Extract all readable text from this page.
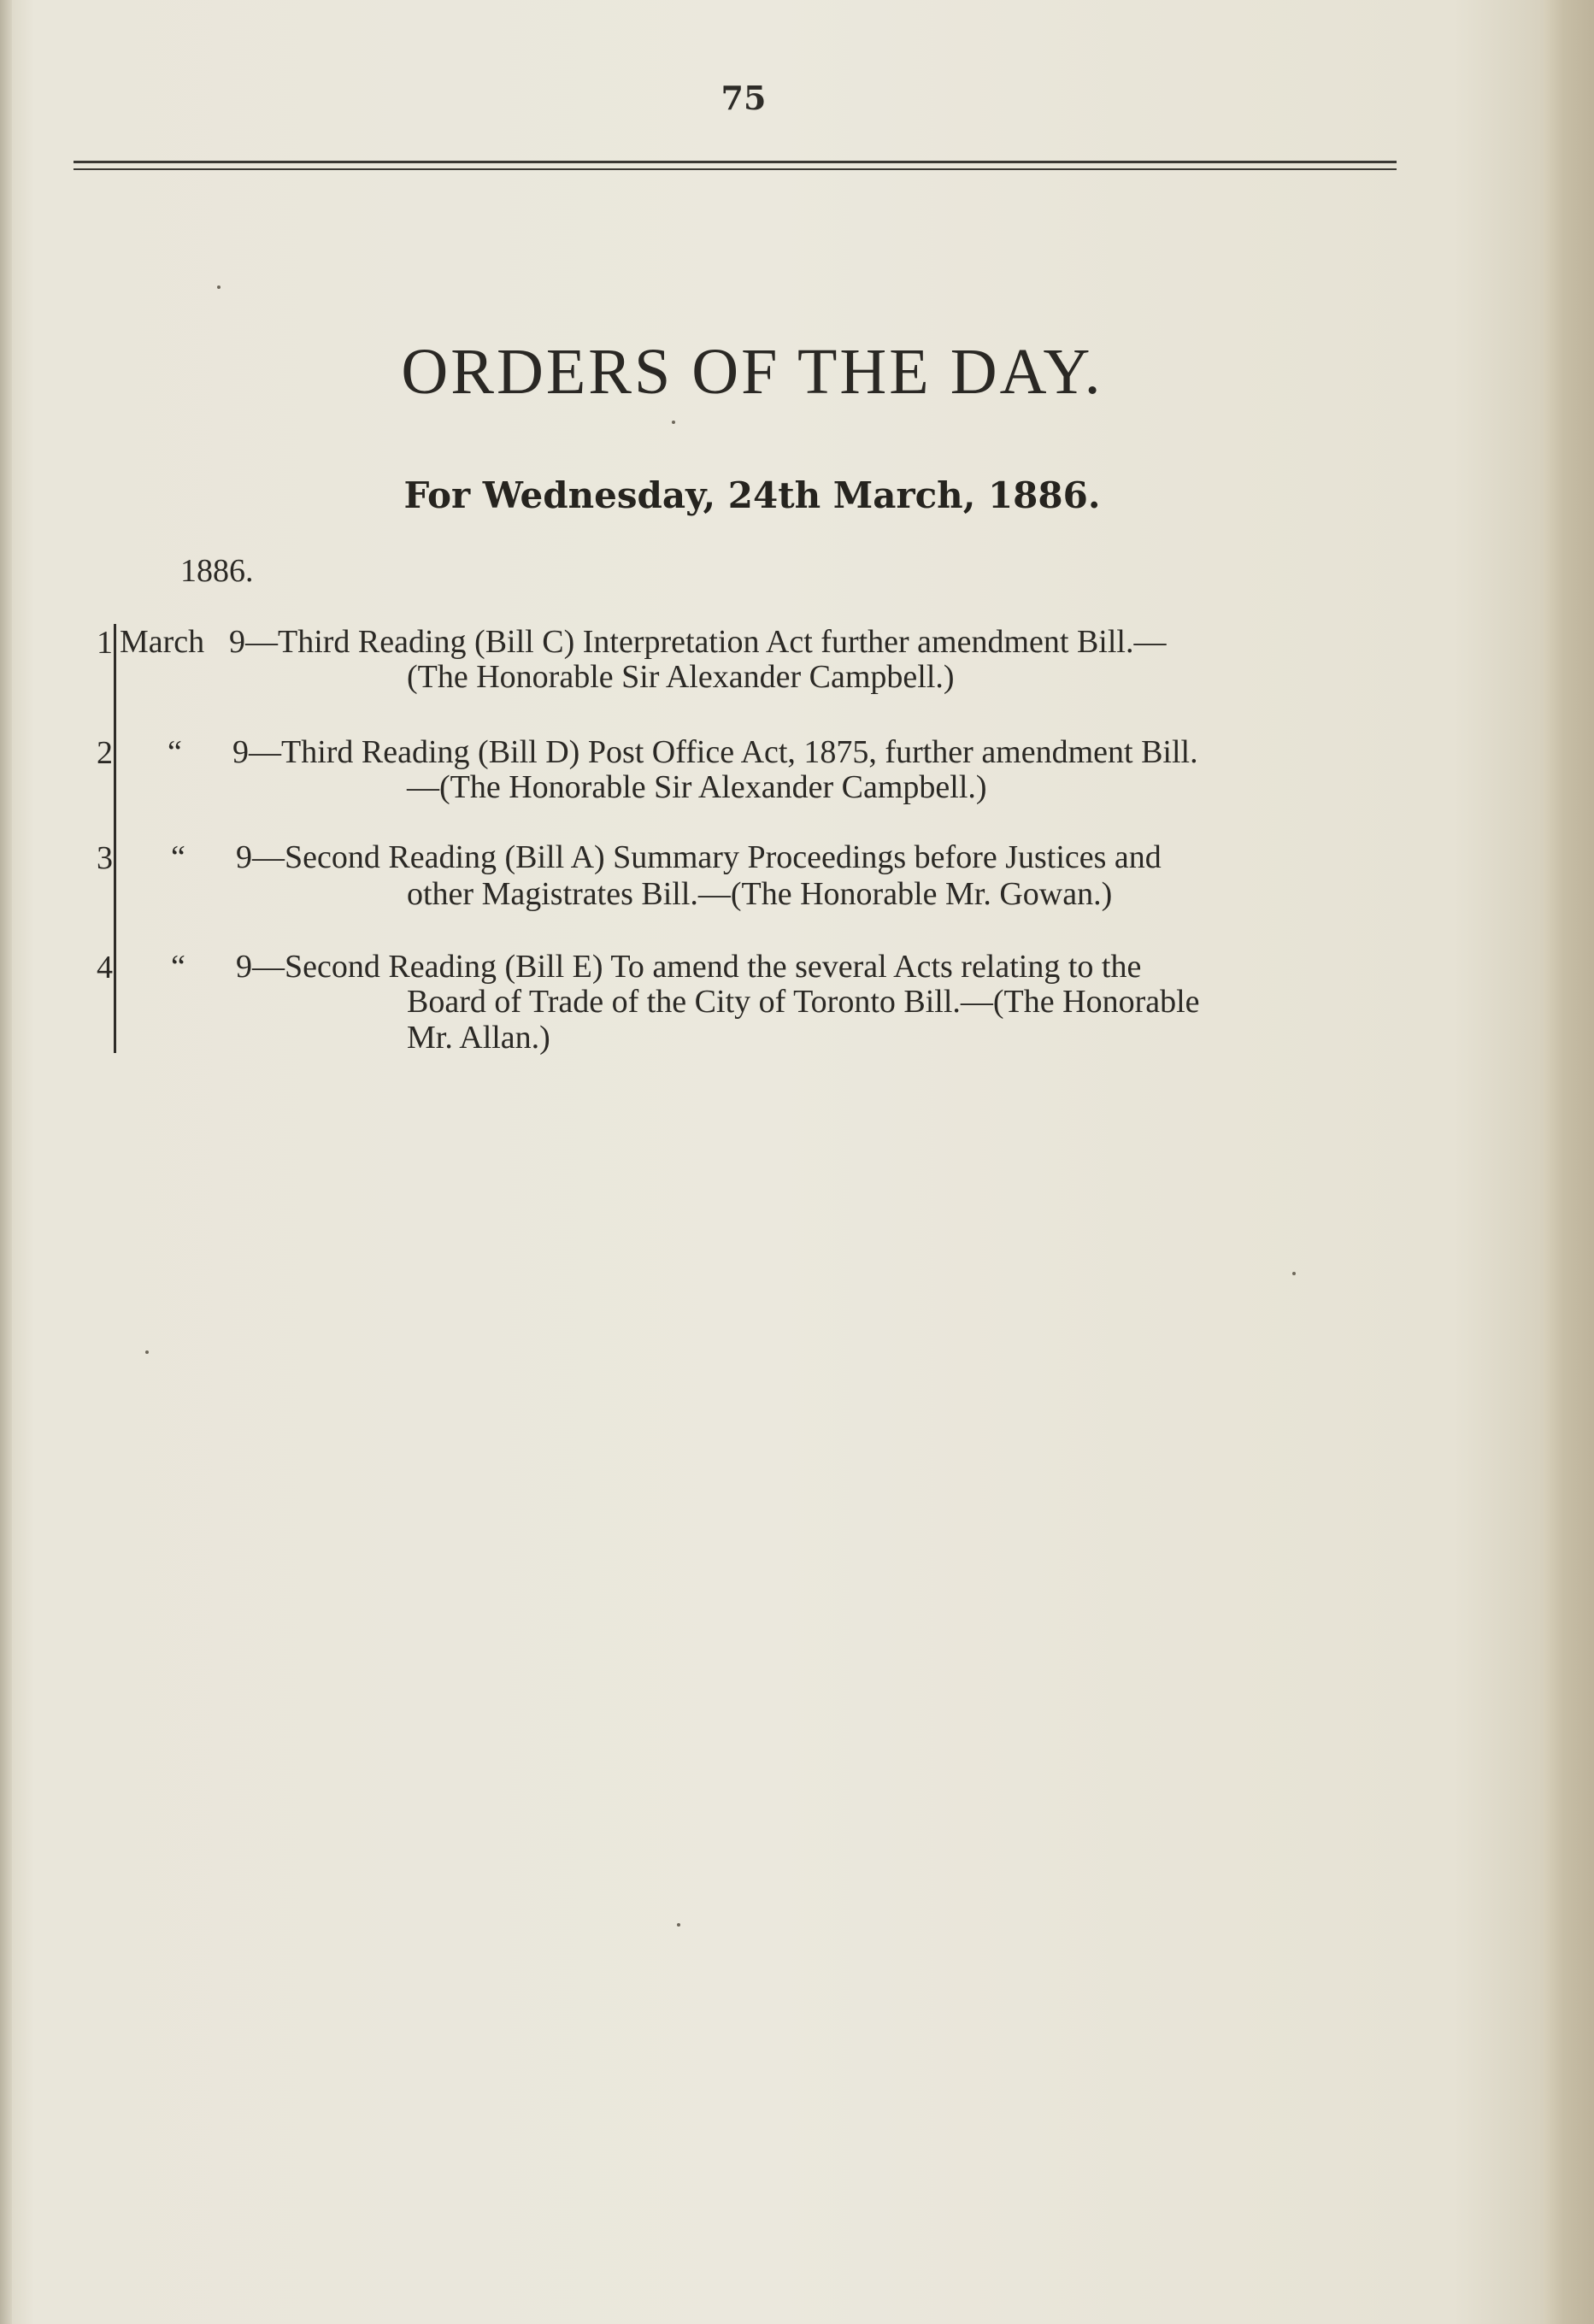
75
ORDERS OF THE DAY.
For Wednesday, 24th March, 1886.
1886.
1 March 9—Third Reading (Bill C) Interpretation Act further amendment Bill.—
(The Honorable Sir Alexander Campbell.)
2 “ 9—Third Reading (Bill D) Post Office Act, 1875, further amendment Bill.
—(The Honorable Sir Alexander Campbell.)
3 “ 9—Second Reading (Bill A) Summary Proceedings before Justices and
other Magistrates Bill.—(The Honorable Mr. Gowan.)
4 “ 9—Second Reading (Bill E) To amend the several Acts relating to the
Board of Trade of the City of Toronto Bill.—(The Honorable
Mr. Allan.)
